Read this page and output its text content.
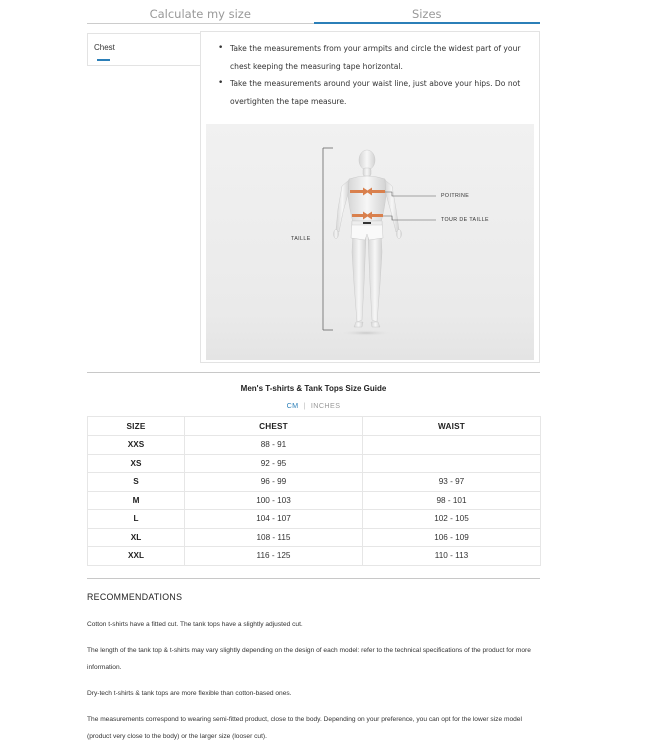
Calculate my size	Sizes
Chest	• Take the measurements from your armpits and circle the widest part of your chest keeping the measuring tape horizontal.
• Take the measurements around your waist line, just above your hips. Do not overtighten the tape measure.
TAILLE
POITRINE
TOUR DE TAILLE
Men's T-shirts & Tank Tops Size Guide
CM | INCHES
SIZE	CHEST	WAIST
XXS	88 - 91	
XS	92 - 95	
S	96 - 99	93 - 97
M	100 - 103	98 - 101
L	104 - 107	102 - 105
XL	108 - 115	106 - 109
XXL	116 - 125	110 - 113
RECOMMENDATIONS

Cotton t-shirts have a fitted cut. The tank tops have a slightly adjusted cut.

The length of the tank top & t-shirts may vary slightly depending on the design of each model: refer to the technical specifications of the product for more information.

Dry-tech t-shirts & tank tops are more flexible than cotton-based ones.

The measurements correspond to wearing semi-fitted product, close to the body. Depending on your preference, you can opt for the lower size model (product very close to the body) or the larger size (looser cut).
